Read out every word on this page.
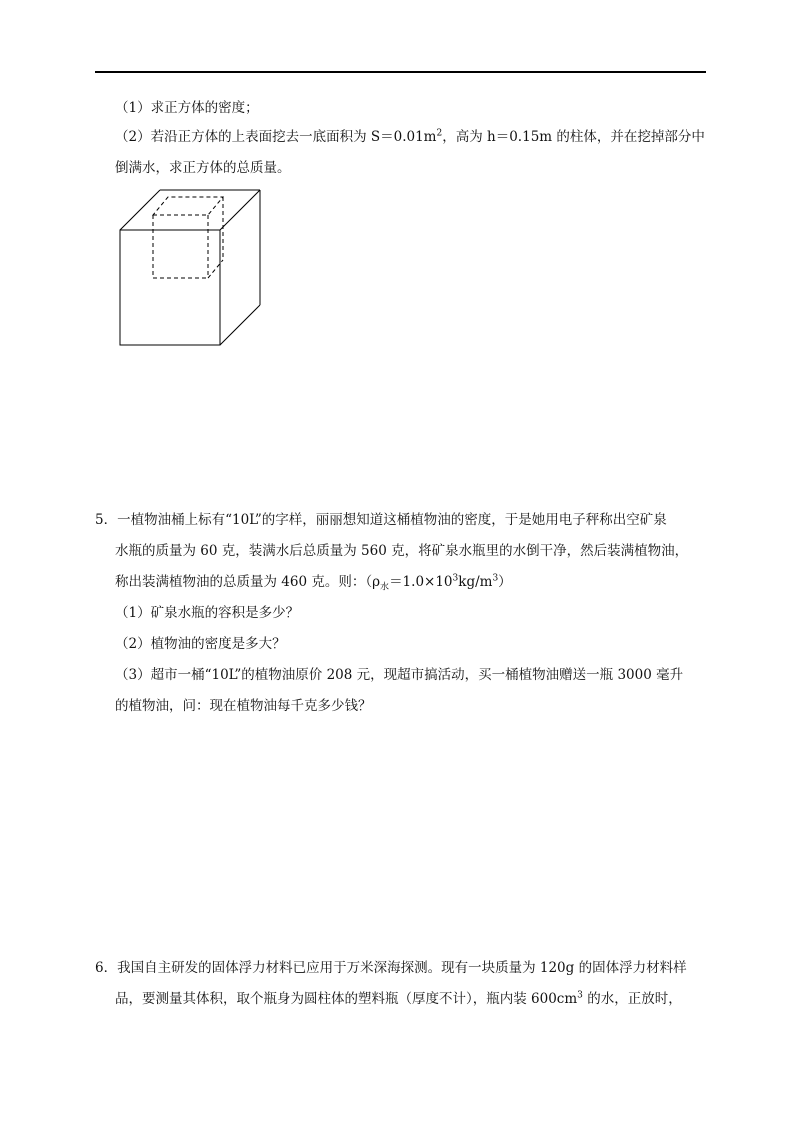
（1）求正方体的密度；
（2）若沿正方体的上表面挖去一底面积为 $S=0.01m^2$，高为 h＝0.15m 的柱体，并在挖掉部分中
倒满水，求正方体的总质量。
5．一植物油桶上标有“10L”的字样，丽丽想知道这桶植物油的密度，于是她用电子秤称出空矿泉
水瓶的质量为 60 克，装满水后总质量为 560 克，将矿泉水瓶里的水倒干净，然后装满植物油，
称出装满植物油的总质量为 460 克。则：$(\rho_水=1.0\times 10^3kg/m^3)$
（1）矿泉水瓶的容积是多少？
（2）植物油的密度是多大？
（3）超市一桶“10L”的植物油原价 208 元，现超市搞活动，买一桶植物油赠送一瓶 3000 毫升
的植物油，问：现在植物油每千克多少钱？
6．我国自主研发的固体浮力材料已应用于万米深海探测。现有一块质量为 120g 的固体浮力材料样
品，要测量其体积，取个瓶身为圆柱体的塑料瓶（厚度不计），瓶内装 $600cm^3$ 的水，正放时，
